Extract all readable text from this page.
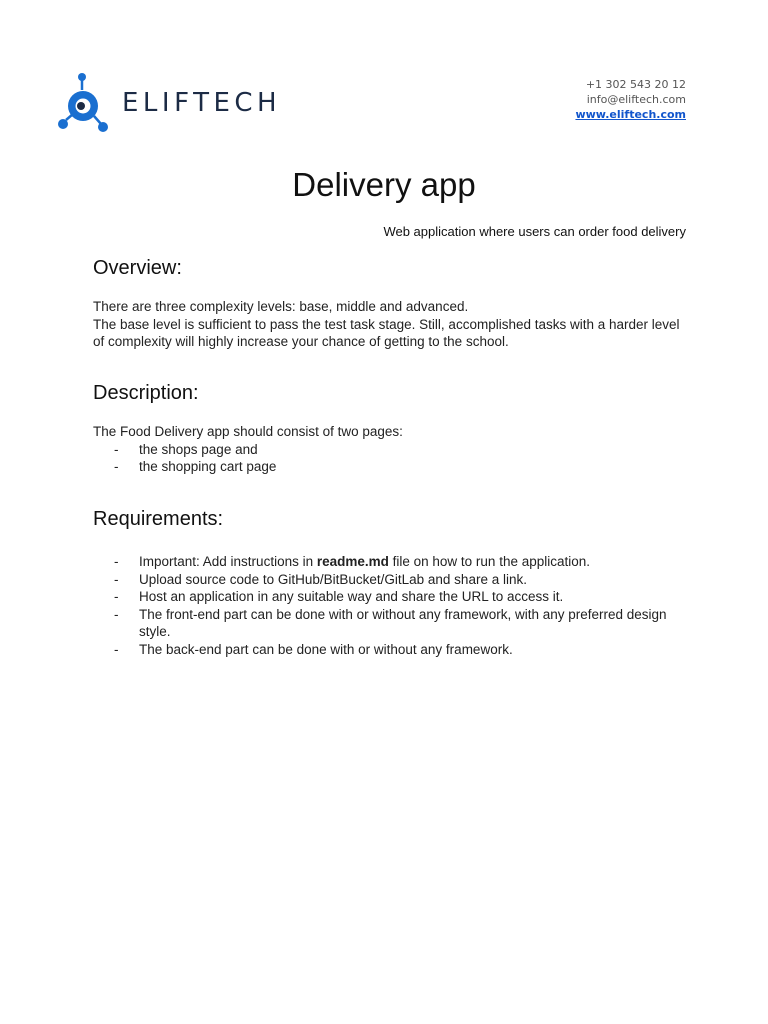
ELIFTECH
+1 302 543 20 12
info@eliftech.com
www.eliftech.com
Delivery app
Web application where users can order food delivery
Overview:

There are three complexity levels: base, middle and advanced.

The base level is sufficient to pass the test task stage. Still, accomplished tasks with a harder level of complexity will highly increase your chance of getting to the school.

Description:

The Food Delivery app should consist of two pages:

- the shops page and
- the shopping cart page
Requirements:
- Important: Add instructions in readme.md file on how to run the application.
- Upload source code to GitHub/BitBucket/GitLab and share a link.
- Host an application in any suitable way and share the URL to access it.
- The front-end part can be done with or without any framework, with any preferred design style.
- The back-end part can be done with or without any framework.
